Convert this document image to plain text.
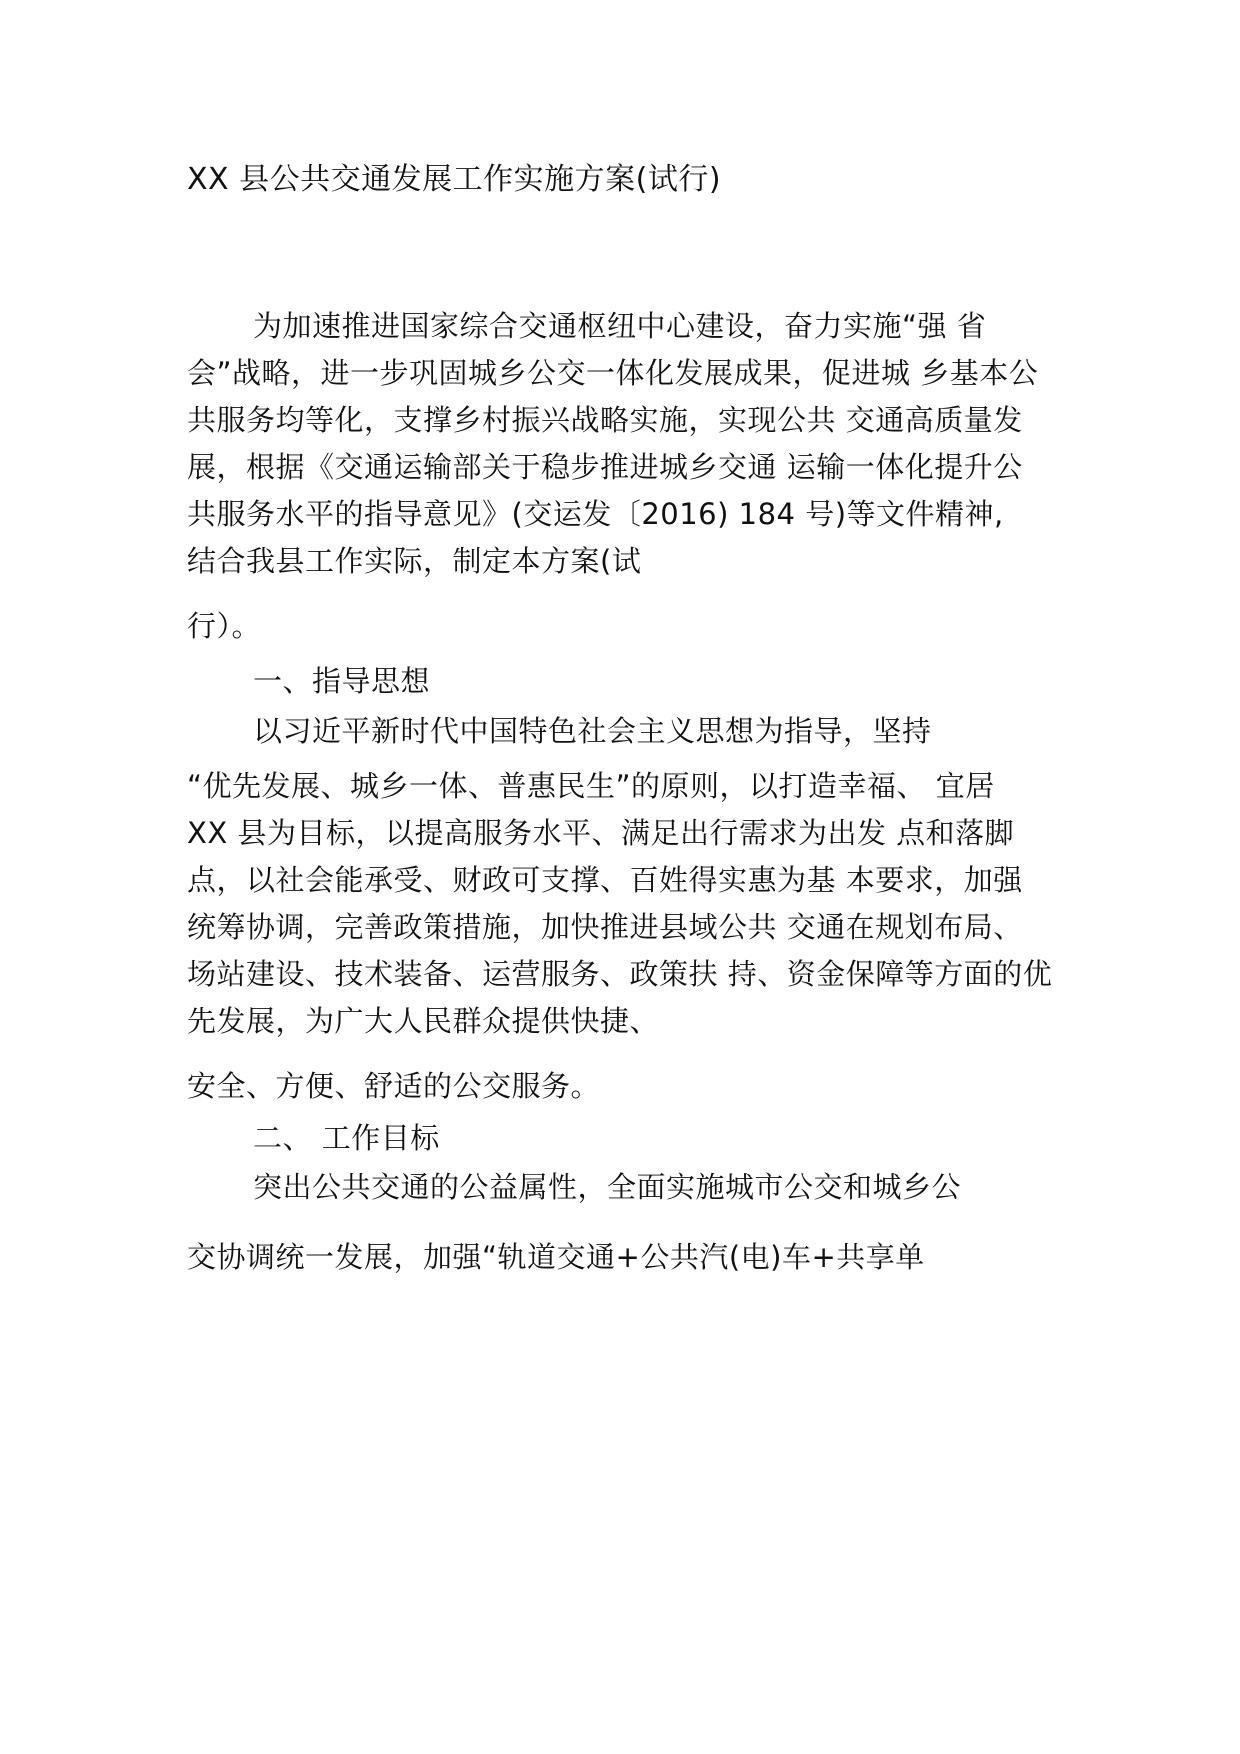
XX 县公共交通发展工作实施方案(试行)
为加速推进国家综合交通枢纽中心建设，奋力实施“强 省
会”战略，进一步巩固城乡公交一体化发展成果，促进城 乡基本公
共服务均等化，支撑乡村振兴战略实施，实现公共 交通高质量发
展，根据《交通运输部关于稳步推进城乡交通 运输一体化提升公
共服务水平的指导意见》(交运发〔2016) 184 号)等文件精神,
结合我县工作实际，制定本方案(试
行）。
一、指导思想
以习近平新时代中国特色社会主义思想为指导，坚持
“优先发展、城乡一体、普惠民生”的原则，以打造幸福、 宜居
XX 县为目标，以提高服务水平、满足出行需求为出发 点和落脚
点，以社会能承受、财政可支撑、百姓得实惠为基 本要求，加强
统筹协调，完善政策措施，加快推进县域公共 交通在规划布局、
场站建设、技术装备、运营服务、政策扶 持、资金保障等方面的优
先发展，为广大人民群众提供快捷、
安全、方便、舒适的公交服务。
二、 工作目标
突出公共交通的公益属性，全面实施城市公交和城乡公
交协调统一发展，加强“轨道交通+公共汽(电)车+共享单
